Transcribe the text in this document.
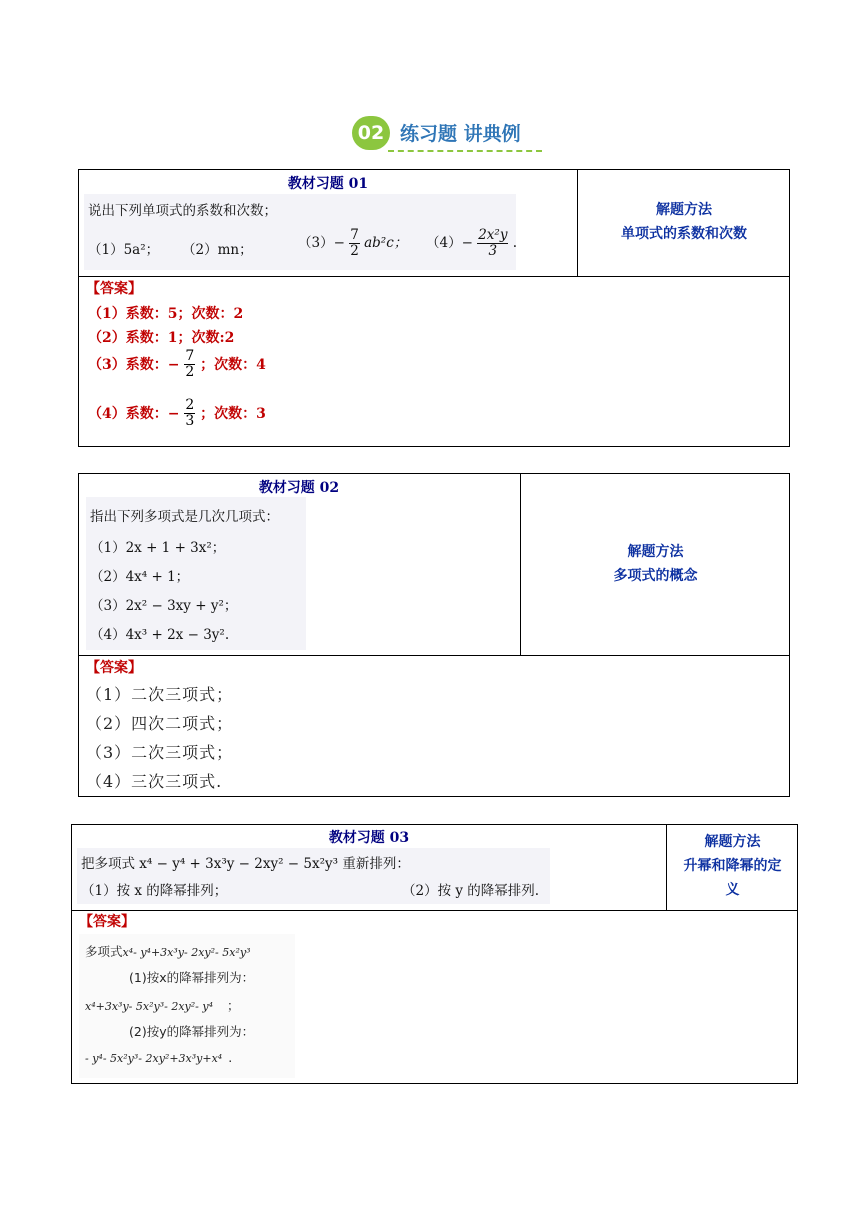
02 练习题 讲典例
教材习题 01
说出下列单项式的系数和次数；
（1）5a²； （2）mn；	$(3)- \frac{7}{2} ab^2c$； $(4)- \frac{\text{2x²y}}{3}$ .
解题方法
单项式的系数和次数
【答案】
（1）系数：5；次数：2
（2）系数：1；次数:2
（3）系数：− $\frac{7}{2}$ ；次数：4
（4）系数：− $\frac{2}{3}$ ；次数：3
教材习题 02
指出下列多项式是几次几项式：
（1）2x + 1 + 3x²；
（2）4x⁴ + 1；
（3）2x² − 3xy + y²；
（4）4x³ + 2x − 3y².
解题方法
多项式的概念
【答案】
（1）二次三项式；
（2）四次二项式；
（3）二次三项式；
（4）三次三项式.
教材习题 03
把多项式 x⁴ − y⁴ + 3x³y − 2xy² − 5x²y³ 重新排列：
（1）按 x 的降幂排列；	（2）按 y 的降幂排列.
解题方法
升幂和降幂的定
义
【答案】
多项式x⁴- y⁴+3x³y- 2xy²- 5x²y³
(1)按x的降幂排列为：
x⁴+3x³y- 5x²y³- 2xy²- y⁴ ；
(2)按y的降幂排列为：
- y⁴- 5x²y³- 2xy²+3x³y+x⁴ .
